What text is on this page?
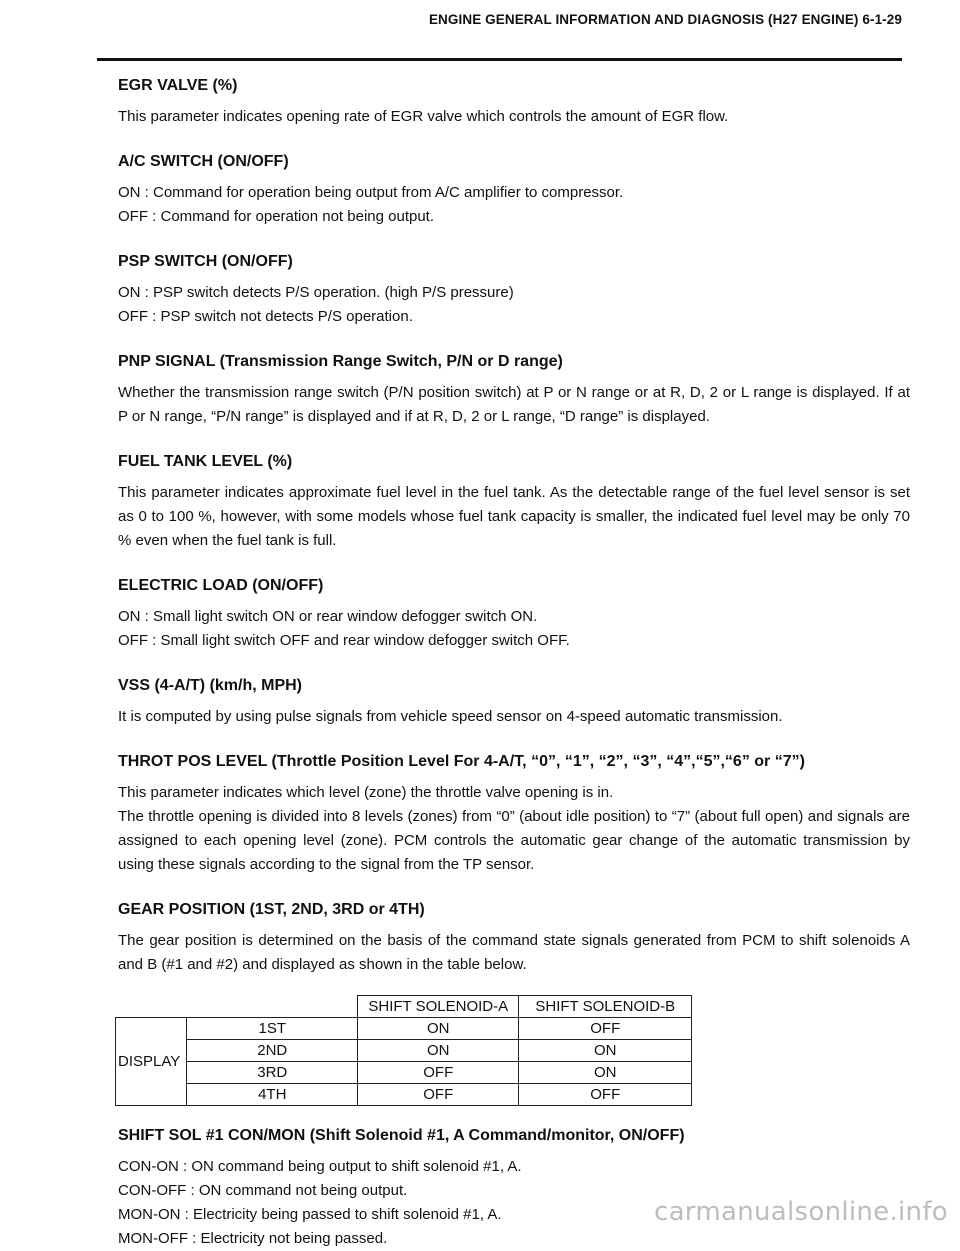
ENGINE GENERAL INFORMATION AND DIAGNOSIS (H27 ENGINE) 6-1-29
EGR VALVE (%)

This parameter indicates opening rate of EGR valve which controls the amount of EGR flow.

A/C SWITCH (ON/OFF)

ON : Command for operation being output from A/C amplifier to compressor.

OFF : Command for operation not being output.

PSP SWITCH (ON/OFF)

ON : PSP switch detects P/S operation. (high P/S pressure)

OFF : PSP switch not detects P/S operation.

PNP SIGNAL (Transmission Range Switch, P/N or D range)

Whether the transmission range switch (P/N position switch) at P or N range or at R, D, 2 or L range is displayed. If at P or N range, “P/N range” is displayed and if at R, D, 2 or L range, “D range” is displayed.

FUEL TANK LEVEL (%)

This parameter indicates approximate fuel level in the fuel tank. As the detectable range of the fuel level sensor is set as 0 to 100 %, however, with some models whose fuel tank capacity is smaller, the indicated fuel level may be only 70 % even when the fuel tank is full.

ELECTRIC LOAD (ON/OFF)

ON : Small light switch ON or rear window defogger switch ON.

OFF : Small light switch OFF and rear window defogger switch OFF.

VSS (4-A/T) (km/h, MPH)

It is computed by using pulse signals from vehicle speed sensor on 4-speed automatic transmission.

THROT POS LEVEL (Throttle Position Level For 4-A/T, “0”, “1”, “2”, “3”, “4”,“5”,“6” or “7”)

This parameter indicates which level (zone) the throttle valve opening is in.

The throttle opening is divided into 8 levels (zones) from “0” (about idle position) to “7” (about full open) and signals are assigned to each opening level (zone). PCM controls the automatic gear change of the automatic transmission by using these signals according to the signal from the TP sensor.

GEAR POSITION (1ST, 2ND, 3RD or 4TH)

The gear position is determined on the basis of the command state signals generated from PCM to shift solenoids A and B (#1 and #2) and displayed as shown in the table below.

		SHIFT SOLENOID-A	SHIFT SOLENOID-B
DISPLAY	1ST	ON	OFF
	2ND	ON	ON
	3RD	OFF	ON
	4TH	OFF	OFF
SHIFT SOL #1 CON/MON (Shift Solenoid #1, A Command/monitor, ON/OFF)

CON-ON : ON command being output to shift solenoid #1, A.

CON-OFF : ON command not being output.

MON-ON : Electricity being passed to shift solenoid #1, A.

MON-OFF : Electricity not being passed.

carmanualsonline.info
